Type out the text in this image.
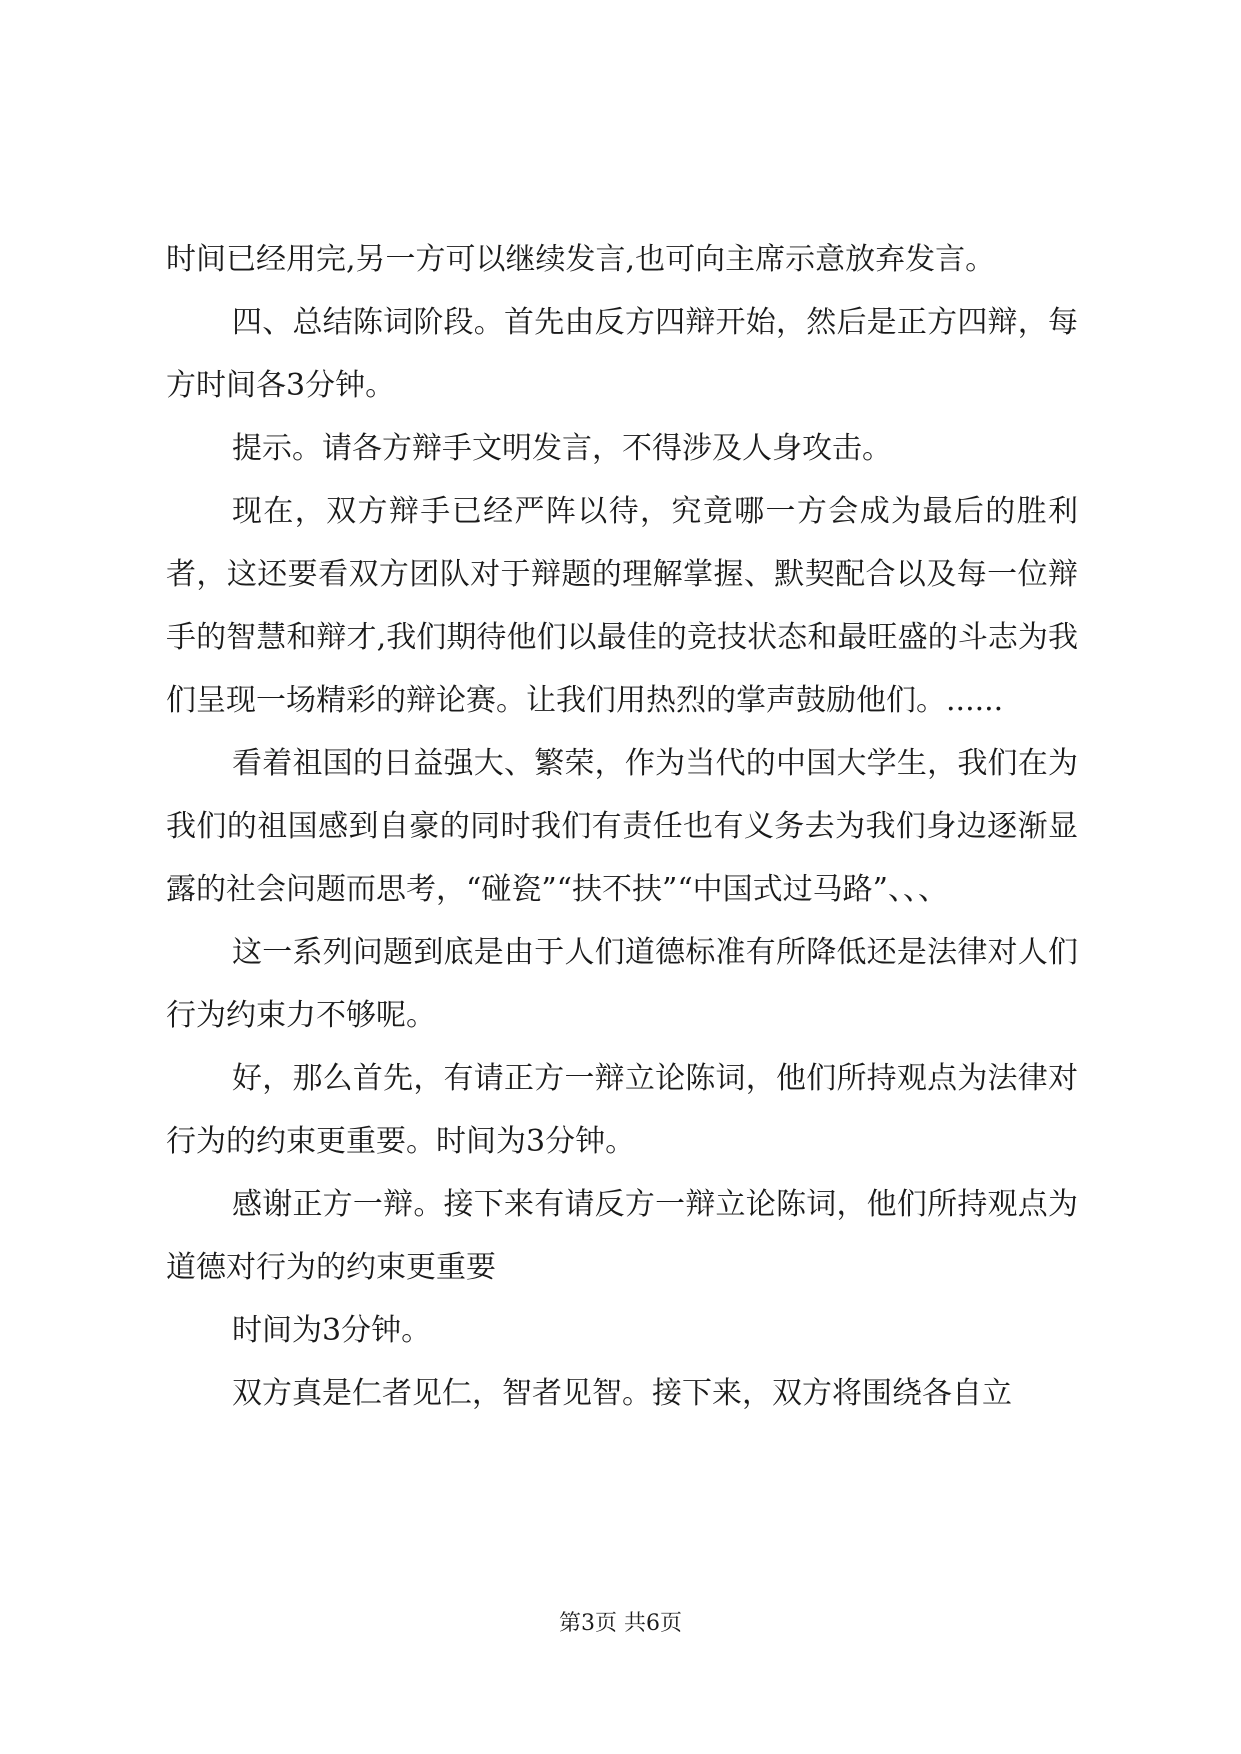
时间已经用完,另一方可以继续发言,也可向主席示意放弃发言。

四、总结陈词阶段。首先由反方四辩开始，然后是正方四辩，每方时间各3分钟。

提示。请各方辩手文明发言，不得涉及人身攻击。

现在，双方辩手已经严阵以待，究竟哪一方会成为最后的胜利者，这还要看双方团队对于辩题的理解掌握、默契配合以及每一位辩手的智慧和辩才,我们期待他们以最佳的竞技状态和最旺盛的斗志为我们呈现一场精彩的辩论赛。让我们用热烈的掌声鼓励他们。......

看着祖国的日益强大、繁荣，作为当代的中国大学生，我们在为我们的祖国感到自豪的同时我们有责任也有义务去为我们身边逐渐显露的社会问题而思考，“碰瓷”“扶不扶”“中国式过马路”、、、

这一系列问题到底是由于人们道德标准有所降低还是法律对人们行为约束力不够呢。

好，那么首先，有请正方一辩立论陈词，他们所持观点为法律对行为的约束更重要。时间为3分钟。

感谢正方一辩。接下来有请反方一辩立论陈词，他们所持观点为道德对行为的约束更重要

时间为3分钟。

双方真是仁者见仁，智者见智。接下来，双方将围绕各自立

第3页 共6页
